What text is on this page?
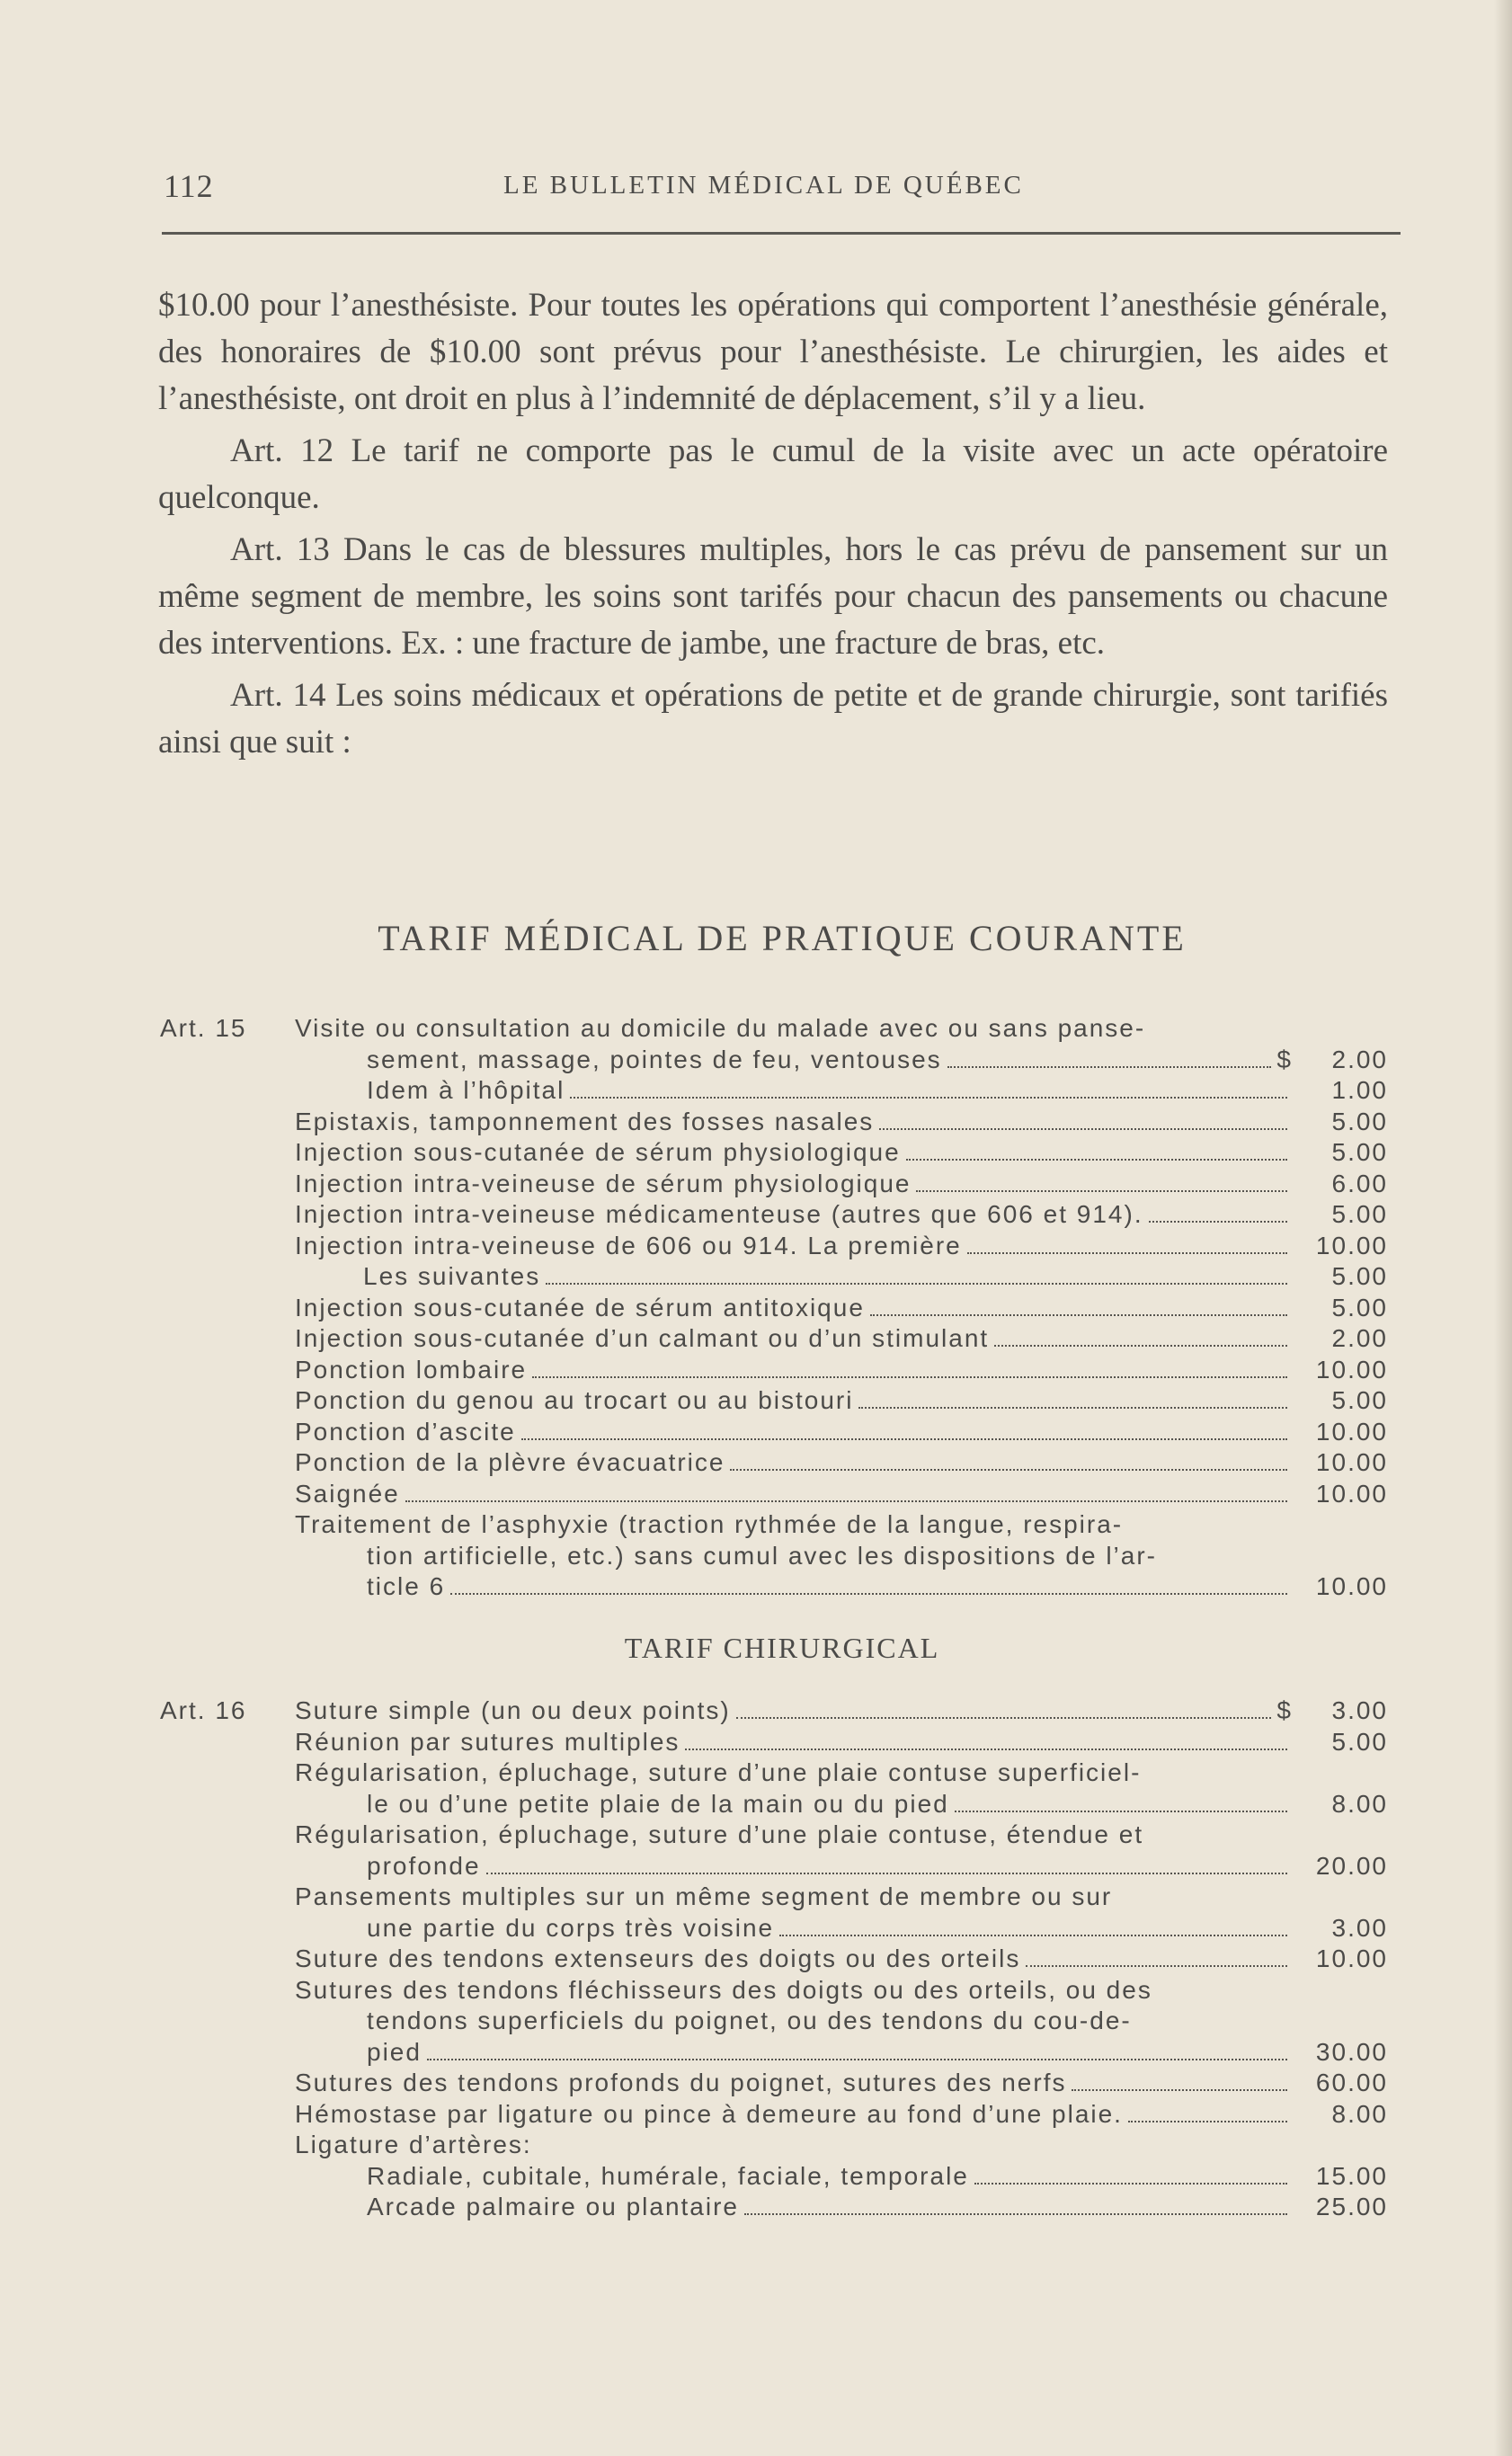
112	LE BULLETIN MÉDICAL DE QUÉBEC

$10.00 pour l’anesthésiste. Pour toutes les opérations qui comportent l’anesthésie générale, des honoraires de $10.00 sont prévus pour l’anesthésiste. Le chirurgien, les aides et l’anesthésiste, ont droit en plus à l’indemnité de déplacement, s’il y a lieu.

Art. 12 Le tarif ne comporte pas le cumul de la visite avec un acte opératoire quelconque.

Art. 13 Dans le cas de blessures multiples, hors le cas prévu de pansement sur un même segment de membre, les soins sont tarifés pour chacun des pansements ou chacune des interventions. Ex. : une fracture de jambe, une fracture de bras, etc.

Art. 14 Les soins médicaux et opérations de petite et de grande chirurgie, sont tarifiés ainsi que suit :

TARIF MÉDICAL DE PRATIQUE COURANTE
Art. 15 Visite ou consultation au domicile du malade avec ou sans panse-
sement, massage, pointes de feu, ventouses	$	2.00
Idem à l’hôpital	1.00
Epistaxis, tamponnement des fosses nasales	5.00
Injection sous-cutanée de sérum physiologique	5.00
Injection intra-veineuse de sérum physiologique	6.00
Injection intra-veineuse médicamenteuse (autres que 606 et 914).	5.00
Injection intra-veineuse de 606 ou 914. La première	10.00
Les suivantes	5.00
Injection sous-cutanée de sérum antitoxique	5.00
Injection sous-cutanée d’un calmant ou d’un stimulant	2.00
Ponction lombaire	10.00
Ponction du genou au trocart ou au bistouri	5.00
Ponction d’ascite	10.00
Ponction de la plèvre évacuatrice	10.00
Saignée	10.00
Traitement de l’asphyxie (traction rythmée de la langue, respira-
tion artificielle, etc.) sans cumul avec les dispositions de l’ar-
ticle 6	10.00
TARIF CHIRURGICAL
Art. 16 Suture simple (un ou deux points)	$	3.00
Réunion par sutures multiples	5.00
Régularisation, épluchage, suture d’une plaie contuse superficiel-
le ou d’une petite plaie de la main ou du pied	8.00
Régularisation, épluchage, suture d’une plaie contuse, étendue et
profonde	20.00
Pansements multiples sur un même segment de membre ou sur
une partie du corps très voisine	3.00
Suture des tendons extenseurs des doigts ou des orteils	10.00
Sutures des tendons fléchisseurs des doigts ou des orteils, ou des
tendons superficiels du poignet, ou des tendons du cou-de-
pied	30.00
Sutures des tendons profonds du poignet, sutures des nerfs	60.00
Hémostase par ligature ou pince à demeure au fond d’une plaie.	8.00
Ligature d’artères:
Radiale, cubitale, humérale, faciale, temporale	15.00
Arcade palmaire ou plantaire	25.00
